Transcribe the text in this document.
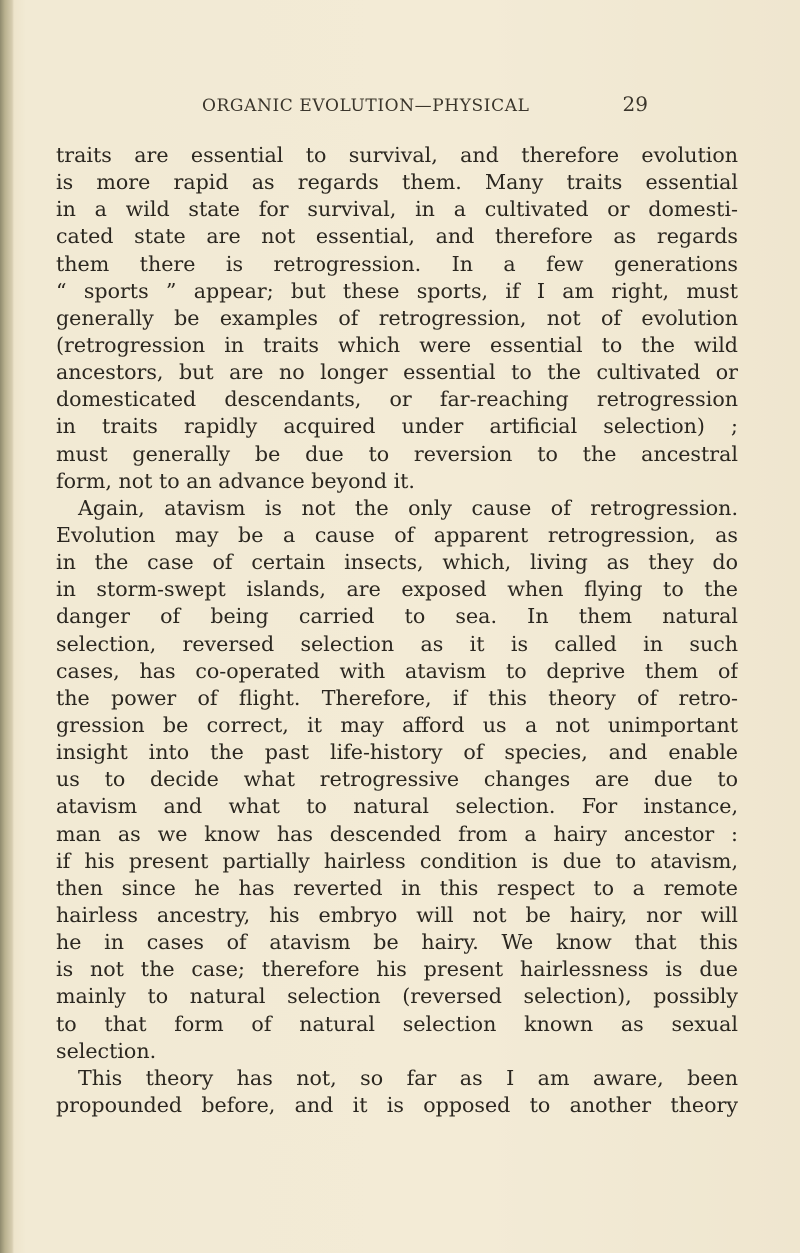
ORGANIC EVOLUTION—PHYSICAL	29
traits are essential to survival, and therefore evolution
is more rapid as regards them. Many traits essential
in a wild state for survival, in a cultivated or domesti-
cated state are not essential, and therefore as regards
them there is retrogression. In a few generations
“ sports ” appear; but these sports, if I am right, must
generally be examples of retrogression, not of evolution
(retrogression in traits which were essential to the wild
ancestors, but are no longer essential to the cultivated or
domesticated descendants, or far-reaching retrogression
in traits rapidly acquired under artificial selection) ;
must generally be due to reversion to the ancestral
form, not to an advance beyond it.
Again, atavism is not the only cause of retrogression.
Evolution may be a cause of apparent retrogression, as
in the case of certain insects, which, living as they do
in storm-swept islands, are exposed when flying to the
danger of being carried to sea. In them natural
selection, reversed selection as it is called in such
cases, has co-operated with atavism to deprive them of
the power of flight. Therefore, if this theory of retro-
gression be correct, it may afford us a not unimportant
insight into the past life-history of species, and enable
us to decide what retrogressive changes are due to
atavism and what to natural selection. For instance,
man as we know has descended from a hairy ancestor :
if his present partially hairless condition is due to atavism,
then since he has reverted in this respect to a remote
hairless ancestry, his embryo will not be hairy, nor will
he in cases of atavism be hairy. We know that this
is not the case; therefore his present hairlessness is due
mainly to natural selection (reversed selection), possibly
to that form of natural selection known as sexual
selection.
This theory has not, so far as I am aware, been
propounded before, and it is opposed to another theory
